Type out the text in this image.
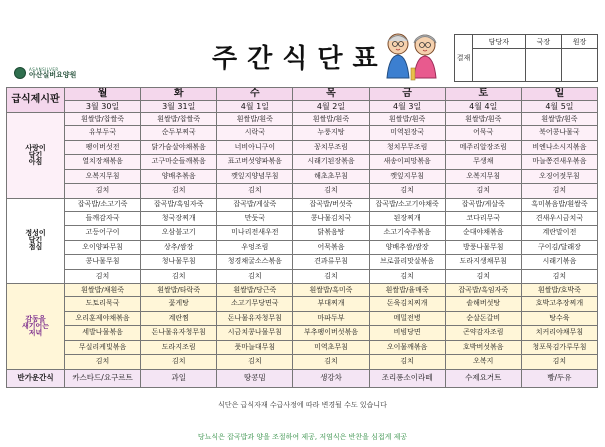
ASANSILVER
아산실버요양원
주간식단표	결재	담당자	국장	원장

급식제시판	월	화	수	목	금	토	일
	3월 30일	3월 31일	4월 1일	4월 2일	4월 3일	4월 4일	4월 5일

사랑이
담긴
아침	흰쌀밥/찹쌀죽	흰쌀밥/찹쌀죽	흰쌀밥/흰죽	흰쌀밥/흰죽	흰쌀밥/흰죽	흰쌀밥/흰죽	흰쌀밥/흰죽
	유부두국	순두부찌국	시락국	누룽지탕	미역된장국	어묵국	북어콩나물국
	팽이버섯전	닭가슴살야채볶음	너비아니구이	꽁치무조림	청치무무조림	메주리알장조림	비엔나소시지볶음
	열치장채볶음	고구마순들깨볶음	표고버섯양파볶음	시래기된장볶음	새송이피망볶음	무생채	마늘쫑견새우볶음
	오복지무침	양배추볶음	깻잎지양념무침	해초초무침	깻잎지무침	오복지무침	오징어젓무침
	김치	김치	김치	김치	김치	김치	김치

정성이
담긴
점심	잡곡밥/소고기죽	잡곡밥/흑임자죽	잡곡밥/게살죽	잡곡밥/버섯죽	잡곡밥/소고기야채죽	잡곡밥/게살죽	흑미볶음밥/흰쌀죽
	들깨감자국	청국장찌개	만둣국	콩나물김치국	된장찌개	코다리무국	견새우시금치국
	고등어구이	오삼불고기	미나리전새우전	닭볶음탕	소고기숙주볶음	순대야채볶음	계란말이전
	오이양파무침	상추/쌈장	우엉조림	어묵볶음	양배추쌈/쌈장	방풍나물무침	구이김/달래장
	콩나물무침	청나물무침	청경채굴소스볶음	견과류무침	브로콜리맛살볶음	도라지생채무침	시래기볶음
	김치	김치	김치	김치	김치	김치	김치

감동을
새기어는
저녁	흰쌀밥/채흰죽	흰쌀밥/타락죽	흰쌀밥/당근죽	흰쌀밥/흑미죽	흰쌀밥/율매죽	잡곡밥/흑임자죽	흰쌀밥/호박죽
	도토리묵국	꽃게탕	소고기무당면국	부대찌개	돈육김치찌개	솥해버섯탕	호박고추장찌개
	오리훈제야채볶음	계란찜	돈나물유자청무침	마파두부	메밀전병	순살돈갈비	탕수육
	세발나물볶음	돈나물유자청무침	시금치콩나물무침	부추팽이버섯볶음	비빔당면	곤약감자조림	치커리야채무침
	무실리케빛볶음	도라지조림	풋마늘대무침	미역초무침	오이물깨볶음	호박버섯볶음	청포묵김가루무침
	김치	김치	김치	김치	김치	오복지	김치
반가운간식	카스타드/요구르트	과일	땅콩밈	생강차	조리퐁소이라떼	수제요거트	빵/두유
식단은 급식자재 수급사정에 따라 변경될 수도 있습니다
당뇨식은 잡곡밥과 양을 조절하여 제공, 저염식은 반찬을 심접게 제공
